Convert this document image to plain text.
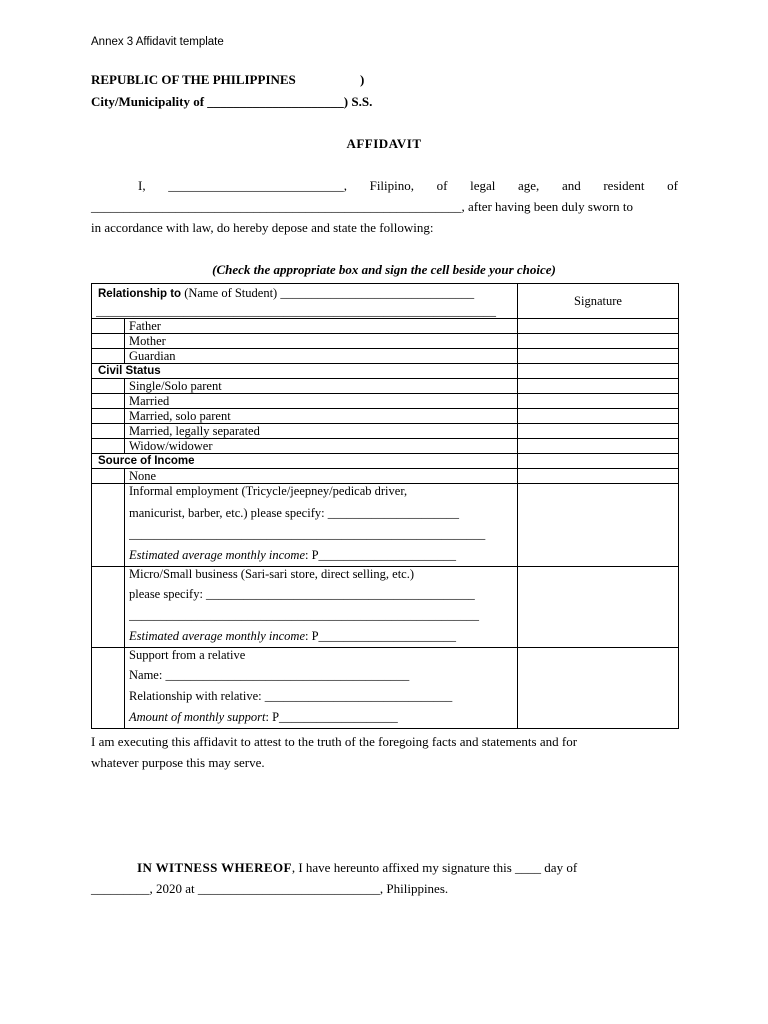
Annex 3 Affidavit template
REPUBLIC OF THE PHILIPPINES	)
City/Municipality of _____________________) S.S.
AFFIDAVIT
I, ___________________________, Filipino, of legal age, and resident of
_________________________________________________________ , after having been duly sworn to
in accordance with law, do hereby depose and state the following:
(Check the appropriate box and sign the cell beside your choice)
Relationship to (Name of Student) _______________________________
________________________________________________________________		Signature
	Father	
	Mother	
	Guardian	
Civil Status		
	Single/Solo parent	
	Married	
	Married, solo parent	
	Married, legally separated	
	Widow/widower	
Source of Income		
	None	

	Informal employment (Tricycle/jeepney/pedicab driver,
manicurist, barber, etc.) please specify: _____________________
_________________________________________________________
Estimated average monthly income: P______________________	

	Micro/Small business (Sari-sari store, direct selling, etc.)
please specify: ___________________________________________
________________________________________________________
Estimated average monthly income: P______________________	

	Support from a relative
Name: _______________________________________
Relationship with relative: ______________________________
Amount of monthly support: P___________________	

I am executing this affidavit to attest to the truth of the foregoing facts and statements and for
whatever purpose this may serve.
IN WITNESS WHEREOF, I have hereunto affixed my signature this ____ day of
_________, 2020 at ____________________________, Philippines.
